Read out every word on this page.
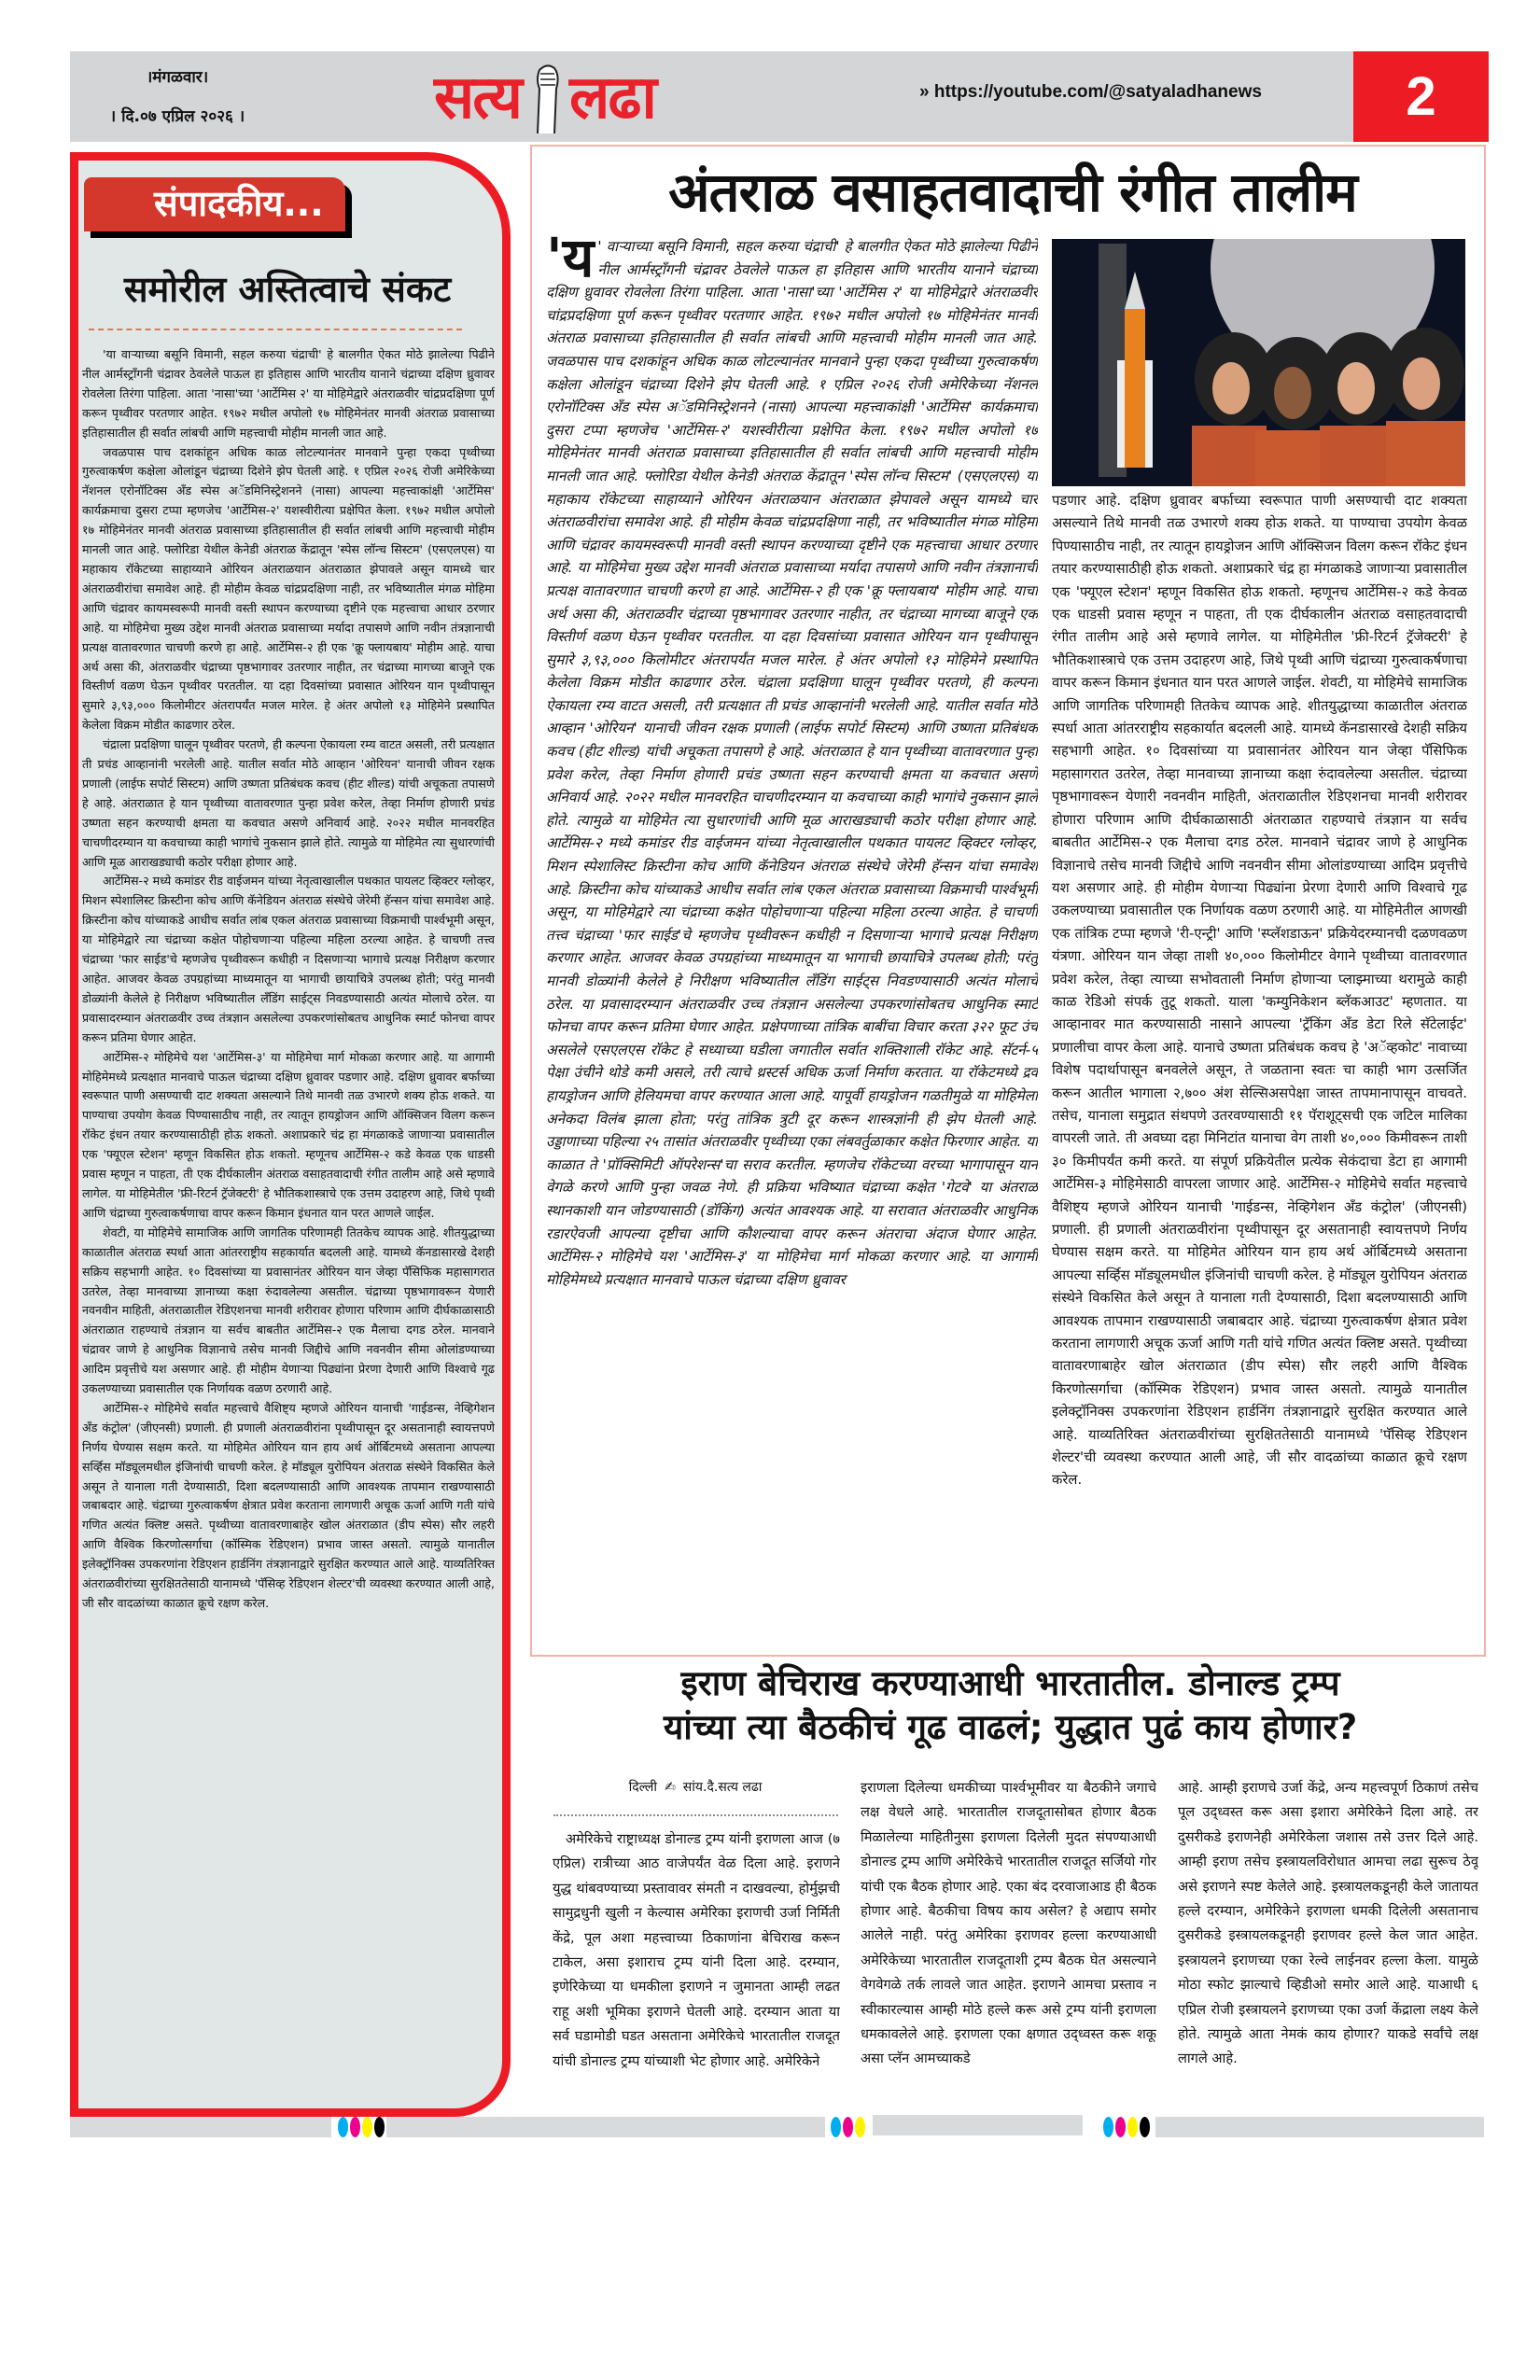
।मंगळवार।
। दि.०७ एप्रिल २०२६ ।	सत्य लढा	» https://youtube.com/@satyaladhanews	2
संपादकीय...
समोरील अस्तित्वाचे संकट

'या वाऱ्याच्या बसूनि विमानी, सहल करुया चंद्राची' हे बालगीत ऐकत मोठे झालेल्या पिढीने नील आर्मस्ट्राँगनी चंद्रावर ठेवलेले पाऊल हा इतिहास आणि भारतीय यानाने चंद्राच्या दक्षिण ध्रुवावर रोवलेला तिरंगा पाहिला. आता 'नासा'च्या 'आर्टेमिस २' या मोहिमेद्वारे अंतराळवीर चांद्रप्रदक्षिणा पूर्ण करून पृथ्वीवर परतणार आहेत. १९७२ मधील अपोलो १७ मोहिमेनंतर मानवी अंतराळ प्रवासाच्या इतिहासातील ही सर्वात लांबची आणि महत्त्वाची मोहीम मानली जात आहे.

जवळपास पाच दशकांहून अधिक काळ लोटल्यानंतर मानवाने पुन्हा एकदा पृथ्वीच्या गुरुत्वाकर्षण कक्षेला ओलांडून चंद्राच्या दिशेने झेप घेतली आहे. १ एप्रिल २०२६ रोजी अमेरिकेच्या नॅशनल एरोनॉटिक्स अँड स्पेस अॅडमिनिस्ट्रेशनने (नासा) आपल्या महत्त्वाकांक्षी 'आर्टेमिस' कार्यक्रमाचा दुसरा टप्पा म्हणजेच 'आर्टेमिस-२' यशस्वीरीत्या प्रक्षेपित केला. १९७२ मधील अपोलो १७ मोहिमेनंतर मानवी अंतराळ प्रवासाच्या इतिहासातील ही सर्वात लांबची आणि महत्त्वाची मोहीम मानली जात आहे. फ्लोरिडा येथील केनेडी अंतराळ केंद्रातून 'स्पेस लॉन्च सिस्टम' (एसएलएस) या महाकाय रॉकेटच्या साहाय्याने ओरियन अंतराळयान अंतराळात झेपावले असून यामध्ये चार अंतराळवीरांचा समावेश आहे. ही मोहीम केवळ चांद्रप्रदक्षिणा नाही, तर भविष्यातील मंगळ मोहिमा आणि चंद्रावर कायमस्वरूपी मानवी वस्ती स्थापन करण्याच्या दृष्टीने एक महत्त्वाचा आधार ठरणार आहे. या मोहिमेचा मुख्य उद्देश मानवी अंतराळ प्रवासाच्या मर्यादा तपासणे आणि नवीन तंत्रज्ञानाची प्रत्यक्ष वातावरणात चाचणी करणे हा आहे. आर्टेमिस-२ ही एक 'क्रू फ्लायबाय' मोहीम आहे. याचा अर्थ असा की, अंतराळवीर चंद्राच्या पृष्ठभागावर उतरणार नाहीत, तर चंद्राच्या मागच्या बाजूने एक विस्तीर्ण वळण घेऊन पृथ्वीवर परततील. या दहा दिवसांच्या प्रवासात ओरियन यान पृथ्वीपासून सुमारे ३,९३,००० किलोमीटर अंतरापर्यंत मजल मारेल. हे अंतर अपोलो १३ मोहिमेने प्रस्थापित केलेला विक्रम मोडीत काढणार ठरेल.

चंद्राला प्रदक्षिणा घालून पृथ्वीवर परतणे, ही कल्पना ऐकायला रम्य वाटत असली, तरी प्रत्यक्षात ती प्रचंड आव्हानांनी भरलेली आहे. यातील सर्वात मोठे आव्हान 'ओरियन' यानाची जीवन रक्षक प्रणाली (लाईफ सपोर्ट सिस्टम) आणि उष्णता प्रतिबंधक कवच (हीट शील्ड) यांची अचूकता तपासणे हे आहे. अंतराळात हे यान पृथ्वीच्या वातावरणात पुन्हा प्रवेश करेल, तेव्हा निर्माण होणारी प्रचंड उष्णता सहन करण्याची क्षमता या कवचात असणे अनिवार्य आहे. २०२२ मधील मानवरहित चाचणीदरम्यान या कवचाच्या काही भागांचे नुकसान झाले होते. त्यामुळे या मोहिमेत त्या सुधारणांची आणि मूळ आराखड्याची कठोर परीक्षा होणार आहे.

आर्टेमिस-२ मध्ये कमांडर रीड वाईजमन यांच्या नेतृत्वाखालील पथकात पायलट व्हिक्टर ग्लोव्हर, मिशन स्पेशालिस्ट क्रिस्टीना कोच आणि कॅनेडियन अंतराळ संस्थेचे जेरेमी हॅन्सन यांचा समावेश आहे. क्रिस्टीना कोच यांच्याकडे आधीच सर्वात लांब एकल अंतराळ प्रवासाच्या विक्रमाची पार्श्वभूमी असून, या मोहिमेद्वारे त्या चंद्राच्या कक्षेत पोहोचणाऱ्या पहिल्या महिला ठरल्या आहेत. हे चाचणी तत्त्व चंद्राच्या 'फार साईड'चे म्हणजेच पृथ्वीवरून कधीही न दिसणाऱ्या भागाचे प्रत्यक्ष निरीक्षण करणार आहेत. आजवर केवळ उपग्रहांच्या माध्यमातून या भागाची छायाचित्रे उपलब्ध होती; परंतु मानवी डोळ्यांनी केलेले हे निरीक्षण भविष्यातील लँडिंग साईट्स निवडण्यासाठी अत्यंत मोलाचे ठरेल. या प्रवासादरम्यान अंतराळवीर उच्च तंत्रज्ञान असलेल्या उपकरणांसोबतच आधुनिक स्मार्ट फोनचा वापर करून प्रतिमा घेणार आहेत.

आर्टेमिस-२ मोहिमेचे यश 'आर्टेमिस-३' या मोहिमेचा मार्ग मोकळा करणार आहे. या आगामी मोहिमेमध्ये प्रत्यक्षात मानवाचे पाऊल चंद्राच्या दक्षिण ध्रुवावर पडणार आहे. दक्षिण ध्रुवावर बर्फाच्या स्वरूपात पाणी असण्याची दाट शक्यता असल्याने तिथे मानवी तळ उभारणे शक्य होऊ शकते. या पाण्याचा उपयोग केवळ पिण्यासाठीच नाही, तर त्यातून हायड्रोजन आणि ऑक्सिजन विलग करून रॉकेट इंधन तयार करण्यासाठीही होऊ शकतो. अशाप्रकारे चंद्र हा मंगळाकडे जाणाऱ्या प्रवासातील एक 'फ्यूएल स्टेशन' म्हणून विकसित होऊ शकतो. म्हणूनच आर्टेमिस-२ कडे केवळ एक धाडसी प्रवास म्हणून न पाहता, ती एक दीर्घकालीन अंतराळ वसाहतवादाची रंगीत तालीम आहे असे म्हणावे लागेल. या मोहिमेतील 'फ्री-रिटर्न ट्रॅजेक्टरी' हे भौतिकशास्त्राचे एक उत्तम उदाहरण आहे, जिथे पृथ्वी आणि चंद्राच्या गुरुत्वाकर्षणाचा वापर करून किमान इंधनात यान परत आणले जाईल.

शेवटी, या मोहिमेचे सामाजिक आणि जागतिक परिणामही तितकेच व्यापक आहे. शीतयुद्धाच्या काळातील अंतराळ स्पर्धा आता आंतरराष्ट्रीय सहकार्यात बदलली आहे. यामध्ये कॅनडासारखे देशही सक्रिय सहभागी आहेत. १० दिवसांच्या या प्रवासानंतर ओरियन यान जेव्हा पॅसिफिक महासागरात उतरेल, तेव्हा मानवाच्या ज्ञानाच्या कक्षा रुंदावलेल्या असतील. चंद्राच्या पृष्ठभागावरून येणारी नवनवीन माहिती, अंतराळातील रेडिएशनचा मानवी शरीरावर होणारा परिणाम आणि दीर्घकाळासाठी अंतराळात राहण्याचे तंत्रज्ञान या सर्वच बाबतीत आर्टेमिस-२ एक मैलाचा दगड ठरेल. मानवाने चंद्रावर जाणे हे आधुनिक विज्ञानाचे तसेच मानवी जिद्दीचे आणि नवनवीन सीमा ओलांडण्याच्या आदिम प्रवृत्तीचे यश असणार आहे. ही मोहीम येणाऱ्या पिढ्यांना प्रेरणा देणारी आणि विश्वाचे गूढ उकलण्याच्या प्रवासातील एक निर्णायक वळण ठरणारी आहे.

आर्टेमिस-२ मोहिमेचे सर्वात महत्त्वाचे वैशिष्ट्य म्हणजे ओरियन यानाची 'गाईडन्स, नेव्हिगेशन अँड कंट्रोल' (जीएनसी) प्रणाली. ही प्रणाली अंतराळवीरांना पृथ्वीपासून दूर असतानाही स्वायत्तपणे निर्णय घेण्यास सक्षम करते. या मोहिमेत ओरियन यान हाय अर्थ ऑर्बिटमध्ये असताना आपल्या सर्व्हिस मॉड्यूलमधील इंजिनांची चाचणी करेल. हे मॉड्यूल युरोपियन अंतराळ संस्थेने विकसित केले असून ते यानाला गती देण्यासाठी, दिशा बदलण्यासाठी आणि आवश्यक तापमान राखण्यासाठी जबाबदार आहे. चंद्राच्या गुरुत्वाकर्षण क्षेत्रात प्रवेश करताना लागणारी अचूक ऊर्जा आणि गती यांचे गणित अत्यंत क्लिष्ट असते. पृथ्वीच्या वातावरणाबाहेर खोल अंतराळात (डीप स्पेस) सौर लहरी आणि वैश्विक किरणोत्सर्गाचा (कॉस्मिक रेडिएशन) प्रभाव जास्त असतो. त्यामुळे यानातील इलेक्ट्रॉनिक्स उपकरणांना रेडिएशन हार्डनिंग तंत्रज्ञानाद्वारे सुरक्षित करण्यात आले आहे. याव्यतिरिक्त अंतराळवीरांच्या सुरक्षिततेसाठी यानामध्ये 'पॅसिव्ह रेडिएशन शेल्टर'ची व्यवस्था करण्यात आली आहे, जी सौर वादळांच्या काळात क्रूचे रक्षण करेल.

अंतराळ वसाहतवादाची रंगीत तालीम
'य ' वाऱ्याच्या बसूनि विमानी, सहल करुया चंद्राची' हे बालगीत ऐकत मोठे झालेल्या पिढीने नील आर्मस्ट्राँगनी चंद्रावर ठेवलेले पाऊल हा इतिहास आणि भारतीय यानाने चंद्राच्या दक्षिण ध्रुवावर रोवलेला तिरंगा पाहिला. आता 'नासा'च्या 'आर्टेमिस २' या मोहिमेद्वारे अंतराळवीर चांद्रप्रदक्षिणा पूर्ण करून पृथ्वीवर परतणार आहेत. १९७२ मधील अपोलो १७ मोहिमेनंतर मानवी अंतराळ प्रवासाच्या इतिहासातील ही सर्वात लांबची आणि महत्त्वाची मोहीम मानली जात आहे. जवळपास पाच दशकांहून अधिक काळ लोटल्यानंतर मानवाने पुन्हा एकदा पृथ्वीच्या गुरुत्वाकर्षण कक्षेला ओलांडून चंद्राच्या दिशेने झेप घेतली आहे. १ एप्रिल २०२६ रोजी अमेरिकेच्या नॅशनल एरोनॉटिक्स अँड स्पेस अॅडमिनिस्ट्रेशनने (नासा) आपल्या महत्त्वाकांक्षी 'आर्टेमिस' कार्यक्रमाचा दुसरा टप्पा म्हणजेच 'आर्टेमिस-२' यशस्वीरीत्या प्रक्षेपित केला. १९७२ मधील अपोलो १७ मोहिमेनंतर मानवी अंतराळ प्रवासाच्या इतिहासातील ही सर्वात लांबची आणि महत्त्वाची मोहीम मानली जात आहे. फ्लोरिडा येथील केनेडी अंतराळ केंद्रातून 'स्पेस लॉन्च सिस्टम' (एसएलएस) या महाकाय रॉकेटच्या साहाय्याने ओरियन अंतराळयान अंतराळात झेपावले असून यामध्ये चार अंतराळवीरांचा समावेश आहे. ही मोहीम केवळ चांद्रप्रदक्षिणा नाही, तर भविष्यातील मंगळ मोहिमा आणि चंद्रावर कायमस्वरूपी मानवी वस्ती स्थापन करण्याच्या दृष्टीने एक महत्त्वाचा आधार ठरणार आहे. या मोहिमेचा मुख्य उद्देश मानवी अंतराळ प्रवासाच्या मर्यादा तपासणे आणि नवीन तंत्रज्ञानाची प्रत्यक्ष वातावरणात चाचणी करणे हा आहे. आर्टेमिस-२ ही एक 'क्रू फ्लायबाय' मोहीम आहे. याचा अर्थ असा की, अंतराळवीर चंद्राच्या पृष्ठभागावर उतरणार नाहीत, तर चंद्राच्या मागच्या बाजूने एक विस्तीर्ण वळण घेऊन पृथ्वीवर परततील. या दहा दिवसांच्या प्रवासात ओरियन यान पृथ्वीपासून सुमारे ३,९३,००० किलोमीटर अंतरापर्यंत मजल मारेल. हे अंतर अपोलो १३ मोहिमेने प्रस्थापित केलेला विक्रम मोडीत काढणार ठरेल. चंद्राला प्रदक्षिणा घालून पृथ्वीवर परतणे, ही कल्पना ऐकायला रम्य वाटत असली, तरी प्रत्यक्षात ती प्रचंड आव्हानांनी भरलेली आहे. यातील सर्वात मोठे आव्हान 'ओरियन' यानाची जीवन रक्षक प्रणाली (लाईफ सपोर्ट सिस्टम) आणि उष्णता प्रतिबंधक कवच (हीट शील्ड) यांची अचूकता तपासणे हे आहे. अंतराळात हे यान पृथ्वीच्या वातावरणात पुन्हा प्रवेश करेल, तेव्हा निर्माण होणारी प्रचंड उष्णता सहन करण्याची क्षमता या कवचात असणे अनिवार्य आहे. २०२२ मधील मानवरहित चाचणीदरम्यान या कवचाच्या काही भागांचे नुकसान झाले होते. त्यामुळे या मोहिमेत त्या सुधारणांची आणि मूळ आराखड्याची कठोर परीक्षा होणार आहे. आर्टेमिस-२ मध्ये कमांडर रीड वाईजमन यांच्या नेतृत्वाखालील पथकात पायलट व्हिक्टर ग्लोव्हर, मिशन स्पेशालिस्ट क्रिस्टीना कोच आणि कॅनेडियन अंतराळ संस्थेचे जेरेमी हॅन्सन यांचा समावेश आहे. क्रिस्टीना कोच यांच्याकडे आधीच सर्वात लांब एकल अंतराळ प्रवासाच्या विक्रमाची पार्श्वभूमी असून, या मोहिमेद्वारे त्या चंद्राच्या कक्षेत पोहोचणाऱ्या पहिल्या महिला ठरल्या आहेत. हे चाचणी तत्त्व चंद्राच्या 'फार साईड'चे म्हणजेच पृथ्वीवरून कधीही न दिसणाऱ्या भागाचे प्रत्यक्ष निरीक्षण करणार आहेत. आजवर केवळ उपग्रहांच्या माध्यमातून या भागाची छायाचित्रे उपलब्ध होती; परंतु मानवी डोळ्यांनी केलेले हे निरीक्षण भविष्यातील लँडिंग साईट्स निवडण्यासाठी अत्यंत मोलाचे ठरेल. या प्रवासादरम्यान अंतराळवीर उच्च तंत्रज्ञान असलेल्या उपकरणांसोबतच आधुनिक स्मार्ट फोनचा वापर करून प्रतिमा घेणार आहेत. प्रक्षेपणाच्या तांत्रिक बाबींचा विचार करता ३२२ फूट उंच असलेले एसएलएस रॉकेट हे सध्याच्या घडीला जगातील सर्वात शक्तिशाली रॉकेट आहे. सॅटर्न-५ पेक्षा उंचीने थोडे कमी असले, तरी त्याचे थ्रस्टर्स अधिक ऊर्जा निर्माण करतात. या रॉकेटमध्ये द्रव हायड्रोजन आणि हेलियमचा वापर करण्यात आला आहे. यापूर्वी हायड्रोजन गळतीमुळे या मोहिमेला अनेकदा विलंब झाला होता; परंतु तांत्रिक त्रुटी दूर करून शास्त्रज्ञांनी ही झेप घेतली आहे. उड्डाणाच्या पहिल्या २५ तासांत अंतराळवीर पृथ्वीच्या एका लंबवर्तुळाकार कक्षेत फिरणार आहेत. या काळात ते 'प्रॉक्सिमिटी ऑपरेशन्स'चा सराव करतील. म्हणजेच रॉकेटच्या वरच्या भागापासून यान वेगळे करणे आणि पुन्हा जवळ नेणे. ही प्रक्रिया भविष्यात चंद्राच्या कक्षेत 'गेटवे' या अंतराळ स्थानकाशी यान जोडण्यासाठी (डॉकिंग) अत्यंत आवश्यक आहे. या सरावात अंतराळवीर आधुनिक रडारऐवजी आपल्या दृष्टीचा आणि कौशल्याचा वापर करून अंतराचा अंदाज घेणार आहेत. आर्टेमिस-२ मोहिमेचे यश 'आर्टेमिस-३' या मोहिमेचा मार्ग मोकळा करणार आहे. या आगामी मोहिमेमध्ये प्रत्यक्षात मानवाचे पाऊल चंद्राच्या दक्षिण ध्रुवावर
पडणार आहे. दक्षिण ध्रुवावर बर्फाच्या स्वरूपात पाणी असण्याची दाट शक्यता असल्याने तिथे मानवी तळ उभारणे शक्य होऊ शकते. या पाण्याचा उपयोग केवळ पिण्यासाठीच नाही, तर त्यातून हायड्रोजन आणि ऑक्सिजन विलग करून रॉकेट इंधन तयार करण्यासाठीही होऊ शकतो. अशाप्रकारे चंद्र हा मंगळाकडे जाणाऱ्या प्रवासातील एक 'फ्यूएल स्टेशन' म्हणून विकसित होऊ शकतो. म्हणूनच आर्टेमिस-२ कडे केवळ एक धाडसी प्रवास म्हणून न पाहता, ती एक दीर्घकालीन अंतराळ वसाहतवादाची रंगीत तालीम आहे असे म्हणावे लागेल. या मोहिमेतील 'फ्री-रिटर्न ट्रॅजेक्टरी' हे भौतिकशास्त्राचे एक उत्तम उदाहरण आहे, जिथे पृथ्वी आणि चंद्राच्या गुरुत्वाकर्षणाचा वापर करून किमान इंधनात यान परत आणले जाईल. शेवटी, या मोहिमेचे सामाजिक आणि जागतिक परिणामही तितकेच व्यापक आहे. शीतयुद्धाच्या काळातील अंतराळ स्पर्धा आता आंतरराष्ट्रीय सहकार्यात बदलली आहे. यामध्ये कॅनडासारखे देशही सक्रिय सहभागी आहेत. १० दिवसांच्या या प्रवासानंतर ओरियन यान जेव्हा पॅसिफिक महासागरात उतरेल, तेव्हा मानवाच्या ज्ञानाच्या कक्षा रुंदावलेल्या असतील. चंद्राच्या पृष्ठभागावरून येणारी नवनवीन माहिती, अंतराळातील रेडिएशनचा मानवी शरीरावर होणारा परिणाम आणि दीर्घकाळासाठी अंतराळात राहण्याचे तंत्रज्ञान या सर्वच बाबतीत आर्टेमिस-२ एक मैलाचा दगड ठरेल. मानवाने चंद्रावर जाणे हे आधुनिक विज्ञानाचे तसेच मानवी जिद्दीचे आणि नवनवीन सीमा ओलांडण्याच्या आदिम प्रवृत्तीचे यश असणार आहे. ही मोहीम येणाऱ्या पिढ्यांना प्रेरणा देणारी आणि विश्वाचे गूढ उकलण्याच्या प्रवासातील एक निर्णायक वळण ठरणारी आहे. या मोहिमेतील आणखी एक तांत्रिक टप्पा म्हणजे 'री-एन्ट्री' आणि 'स्प्लॅशडाऊन' प्रक्रियेदरम्यानची दळणवळण यंत्रणा. ओरियन यान जेव्हा ताशी ४०,००० किलोमीटर वेगाने पृथ्वीच्या वातावरणात प्रवेश करेल, तेव्हा त्याच्या सभोवताली निर्माण होणाऱ्या प्लाझ्माच्या थरामुळे काही काळ रेडिओ संपर्क तुटू शकतो. याला 'कम्युनिकेशन ब्लॅकआउट' म्हणतात. या आव्हानावर मात करण्यासाठी नासाने आपल्या 'ट्रॅकिंग अँड डेटा रिले सॅटेलाईट' प्रणालीचा वापर केला आहे. यानाचे उष्णता प्रतिबंधक कवच हे 'अॅव्हकोट' नावाच्या विशेष पदार्थापासून बनवलेले असून, ते जळताना स्वतः चा काही भाग उत्सर्जित करून आतील भागाला २,७०० अंश सेल्सिअसपेक्षा जास्त तापमानापासून वाचवते. तसेच, यानाला समुद्रात संथपणे उतरवण्यासाठी ११ पॅराशूट्सची एक जटिल मालिका वापरली जाते. ती अवघ्या दहा मिनिटांत यानाचा वेग ताशी ४०,००० किमीवरून ताशी ३० किमीपर्यंत कमी करते. या संपूर्ण प्रक्रियेतील प्रत्येक सेकंदाचा डेटा हा आगामी आर्टेमिस-३ मोहिमेसाठी वापरला जाणार आहे. आर्टेमिस-२ मोहिमेचे सर्वात महत्त्वाचे वैशिष्ट्य म्हणजे ओरियन यानाची 'गाईडन्स, नेव्हिगेशन अँड कंट्रोल' (जीएनसी) प्रणाली. ही प्रणाली अंतराळवीरांना पृथ्वीपासून दूर असतानाही स्वायत्तपणे निर्णय घेण्यास सक्षम करते. या मोहिमेत ओरियन यान हाय अर्थ ऑर्बिटमध्ये असताना आपल्या सर्व्हिस मॉड्यूलमधील इंजिनांची चाचणी करेल. हे मॉड्यूल युरोपियन अंतराळ संस्थेने विकसित केले असून ते यानाला गती देण्यासाठी, दिशा बदलण्यासाठी आणि आवश्यक तापमान राखण्यासाठी जबाबदार आहे. चंद्राच्या गुरुत्वाकर्षण क्षेत्रात प्रवेश करताना लागणारी अचूक ऊर्जा आणि गती यांचे गणित अत्यंत क्लिष्ट असते. पृथ्वीच्या वातावरणाबाहेर खोल अंतराळात (डीप स्पेस) सौर लहरी आणि वैश्विक किरणोत्सर्गाचा (कॉस्मिक रेडिएशन) प्रभाव जास्त असतो. त्यामुळे यानातील इलेक्ट्रॉनिक्स उपकरणांना रेडिएशन हार्डनिंग तंत्रज्ञानाद्वारे सुरक्षित करण्यात आले आहे. याव्यतिरिक्त अंतराळवीरांच्या सुरक्षिततेसाठी यानामध्ये 'पॅसिव्ह रेडिएशन शेल्टर'ची व्यवस्था करण्यात आली आहे, जी सौर वादळांच्या काळात क्रूचे रक्षण करेल.
इराण बेचिराख करण्याआधी भारतातील. डोनाल्ड ट्रम्प
यांच्या त्या बैठकीचं गूढ वाढलं; युद्धात पुढं काय होणार?
दिल्ली ✍ सांय.दै.सत्य लढा
अमेरिकेचे राष्ट्राध्यक्ष डोनाल्ड ट्रम्प यांनी इराणला आज (७ एप्रिल) रात्रीच्या आठ वाजेपर्यंत वेळ दिला आहे. इराणने युद्ध थांबवण्याच्या प्रस्तावावर संमती न दाखवल्या, होर्मुझची सामुद्रधुनी खुली न केल्यास अमेरिका इराणची उर्जा निर्मिती केंद्रे, पूल अशा महत्त्वाच्या ठिकाणांना बेचिराख करून टाकेल, असा इशाराच ट्रम्प यांनी दिला आहे. दरम्यान, इणेरिकेच्या या धमकीला इराणने न जुमानता आम्ही लढत राहू अशी भूमिका इराणने घेतली आहे. दरम्यान आता या सर्व घडामोडी घडत असताना अमेरिकेचे भारतातील राजदूत यांची डोनाल्ड ट्रम्प यांच्याशी भेट होणार आहे. अमेरिकेने
इराणला दिलेल्या धमकीच्या पार्श्वभूमीवर या बैठकीने जगाचे लक्ष वेधले आहे. भारतातील राजदूतासोबत होणार बैठक मिळालेल्या माहितीनुसा इराणला दिलेली मुदत संपण्याआधी डोनाल्ड ट्रम्प आणि अमेरिकेचे भारतातील राजदूत सर्जियो गोर यांची एक बैठक होणार आहे. एका बंद दरवाजाआड ही बैठक होणार आहे. बैठकीचा विषय काय असेल? हे अद्याप समोर आलेले नाही. परंतु अमेरिका इराणवर हल्ला करण्याआधी अमेरिकेच्या भारतातील राजदूताशी ट्रम्प बैठक घेत असल्याने वेगवेगळे तर्क लावले जात आहेत. इराणने आमचा प्रस्ताव न स्वीकारल्यास आम्ही मोठे हल्ले करू असे ट्रम्प यांनी इराणला धमकावलेले आहे. इराणला एका क्षणात उद्ध्वस्त करू शकू असा प्लॅन आमच्याकडे
आहे. आम्ही इराणचे उर्जा केंद्रे, अन्य महत्त्वपूर्ण ठिकाणं तसेच पूल उद्ध्वस्त करू असा इशारा अमेरिकेने दिला आहे. तर दुसरीकडे इराणनेही अमेरिकेला जशास तसे उत्तर दिले आहे. आम्ही इराण तसेच इस्त्रायलविरोधात आमचा लढा सुरूच ठेवू असे इराणने स्पष्ट केलेले आहे. इस्त्रायलकडूनही केले जातायत हल्ले दरम्यान, अमेरिकेने इराणला धमकी दिलेली असतानाच दुसरीकडे इस्त्रायलकडूनही इराणवर हल्ले केल जात आहेत. इस्त्रायलने इराणच्या एका रेल्वे लाईनवर हल्ला केला. यामुळे मोठा स्फोट झाल्याचे व्हिडीओ समोर आले आहे. याआधी ६ एप्रिल रोजी इस्त्रायलने इराणच्या एका उर्जा केंद्राला लक्ष्य केले होते. त्यामुळे आता नेमकं काय होणार? याकडे सर्वांचे लक्ष लागले आहे.
